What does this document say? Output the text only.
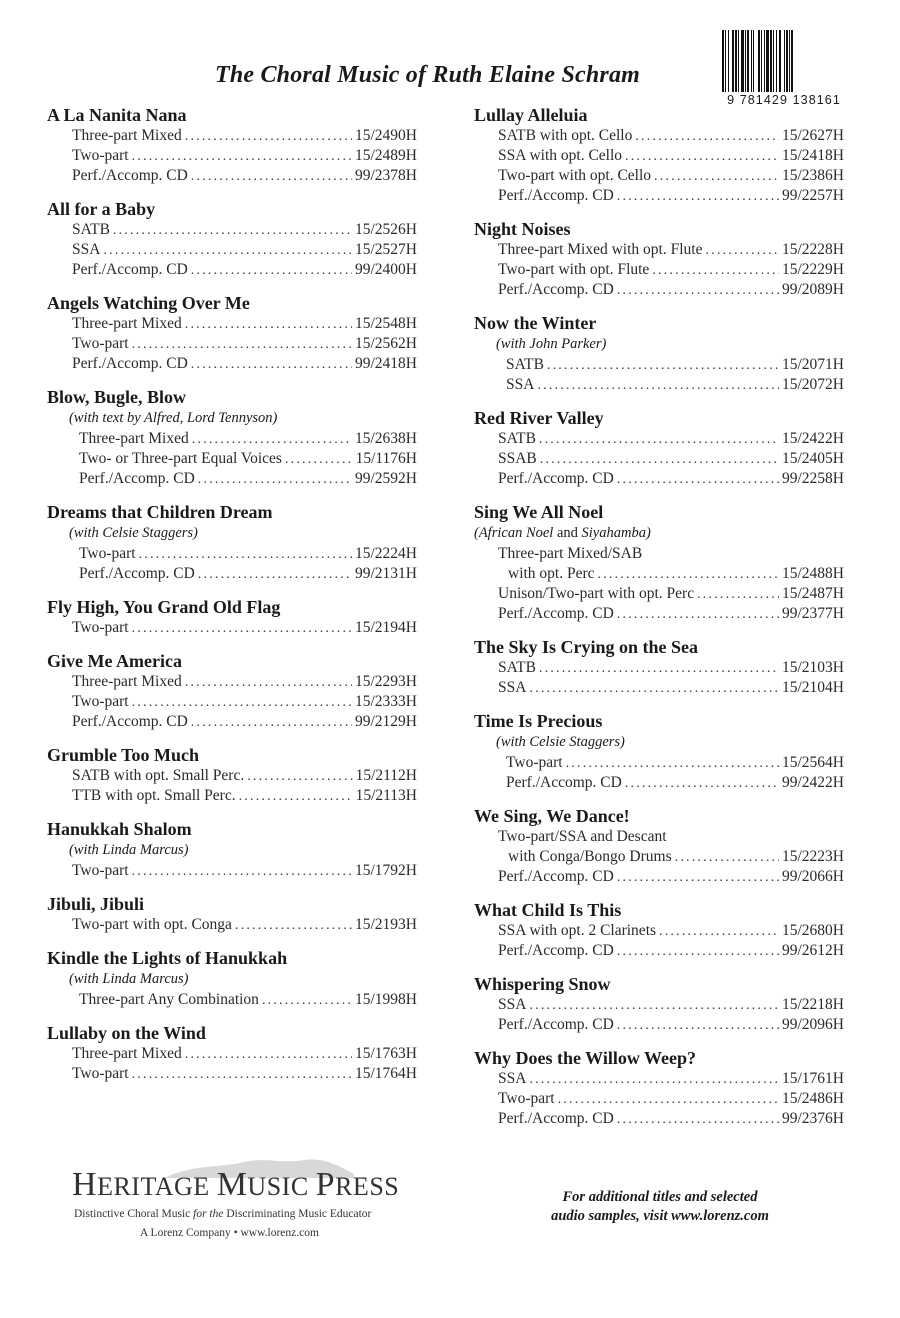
The Choral Music of Ruth Elaine Schram
9 781429 138161
A La Nanita Nana
Three-part Mixed .....	15/2490H
Two-part .....	15/2489H
Perf./Accomp. CD .....	99/2378H
All for a Baby
SATB .....	15/2526H
SSA .....	15/2527H
Perf./Accomp. CD .....	99/2400H
Angels Watching Over Me
Three-part Mixed .....	15/2548H
Two-part .....	15/2562H
Perf./Accomp. CD .....	99/2418H
Blow, Bugle, Blow
(with text by Alfred, Lord Tennyson)
Three-part Mixed .....	15/2638H
Two- or Three-part Equal Voices .....	15/1176H
Perf./Accomp. CD .....	99/2592H
Dreams that Children Dream
(with Celsie Staggers)
Two-part .....	15/2224H
Perf./Accomp. CD .....	99/2131H
Fly High, You Grand Old Flag
Two-part .....	15/2194H
Give Me America
Three-part Mixed .....	15/2293H
Two-part .....	15/2333H
Perf./Accomp. CD .....	99/2129H
Grumble Too Much
SATB with opt. Small Perc. .....	15/2112H
TTB with opt. Small Perc. .....	15/2113H
Hanukkah Shalom
(with Linda Marcus)
Two-part .....	15/1792H
Jibuli, Jibuli
Two-part with opt. Conga .....	15/2193H
Kindle the Lights of Hanukkah
(with Linda Marcus)
Three-part Any Combination .....	15/1998H
Lullaby on the Wind
Three-part Mixed .....	15/1763H
Two-part .....	15/1764H
Lullay Alleluia
SATB with opt. Cello .....	15/2627H
SSA with opt. Cello .....	15/2418H
Two-part with opt. Cello .....	15/2386H
Perf./Accomp. CD .....	99/2257H
Night Noises
Three-part Mixed with opt. Flute .....	15/2228H
Two-part with opt. Flute .....	15/2229H
Perf./Accomp. CD .....	99/2089H
Now the Winter
(with John Parker)
SATB .....	15/2071H
SSA .....	15/2072H
Red River Valley
SATB .....	15/2422H
SSAB .....	15/2405H
Perf./Accomp. CD .....	99/2258H
Sing We All Noel
(African Noel and Siyahamba)
Three-part Mixed/SAB
with opt. Perc .....	15/2488H
Unison/Two-part with opt. Perc .....	15/2487H
Perf./Accomp. CD .....	99/2377H
The Sky Is Crying on the Sea
SATB .....	15/2103H
SSA .....	15/2104H
Time Is Precious
(with Celsie Staggers)
Two-part .....	15/2564H
Perf./Accomp. CD .....	99/2422H
We Sing, We Dance!
Two-part/SSA and Descant
with Conga/Bongo Drums .....	15/2223H
Perf./Accomp. CD .....	99/2066H
What Child Is This
SSA with opt. 2 Clarinets .....	15/2680H
Perf./Accomp. CD .....	99/2612H
Whispering Snow
SSA .....	15/2218H
Perf./Accomp. CD .....	99/2096H
Why Does the Willow Weep?
SSA .....	15/1761H
Two-part .....	15/2486H
Perf./Accomp. CD .....	99/2376H
HERITAGE MUSIC PRESS
Distinctive Choral Music for the Discriminating Music Educator
A Lorenz Company • www.lorenz.com
For additional titles and selected
audio samples, visit www.lorenz.com
